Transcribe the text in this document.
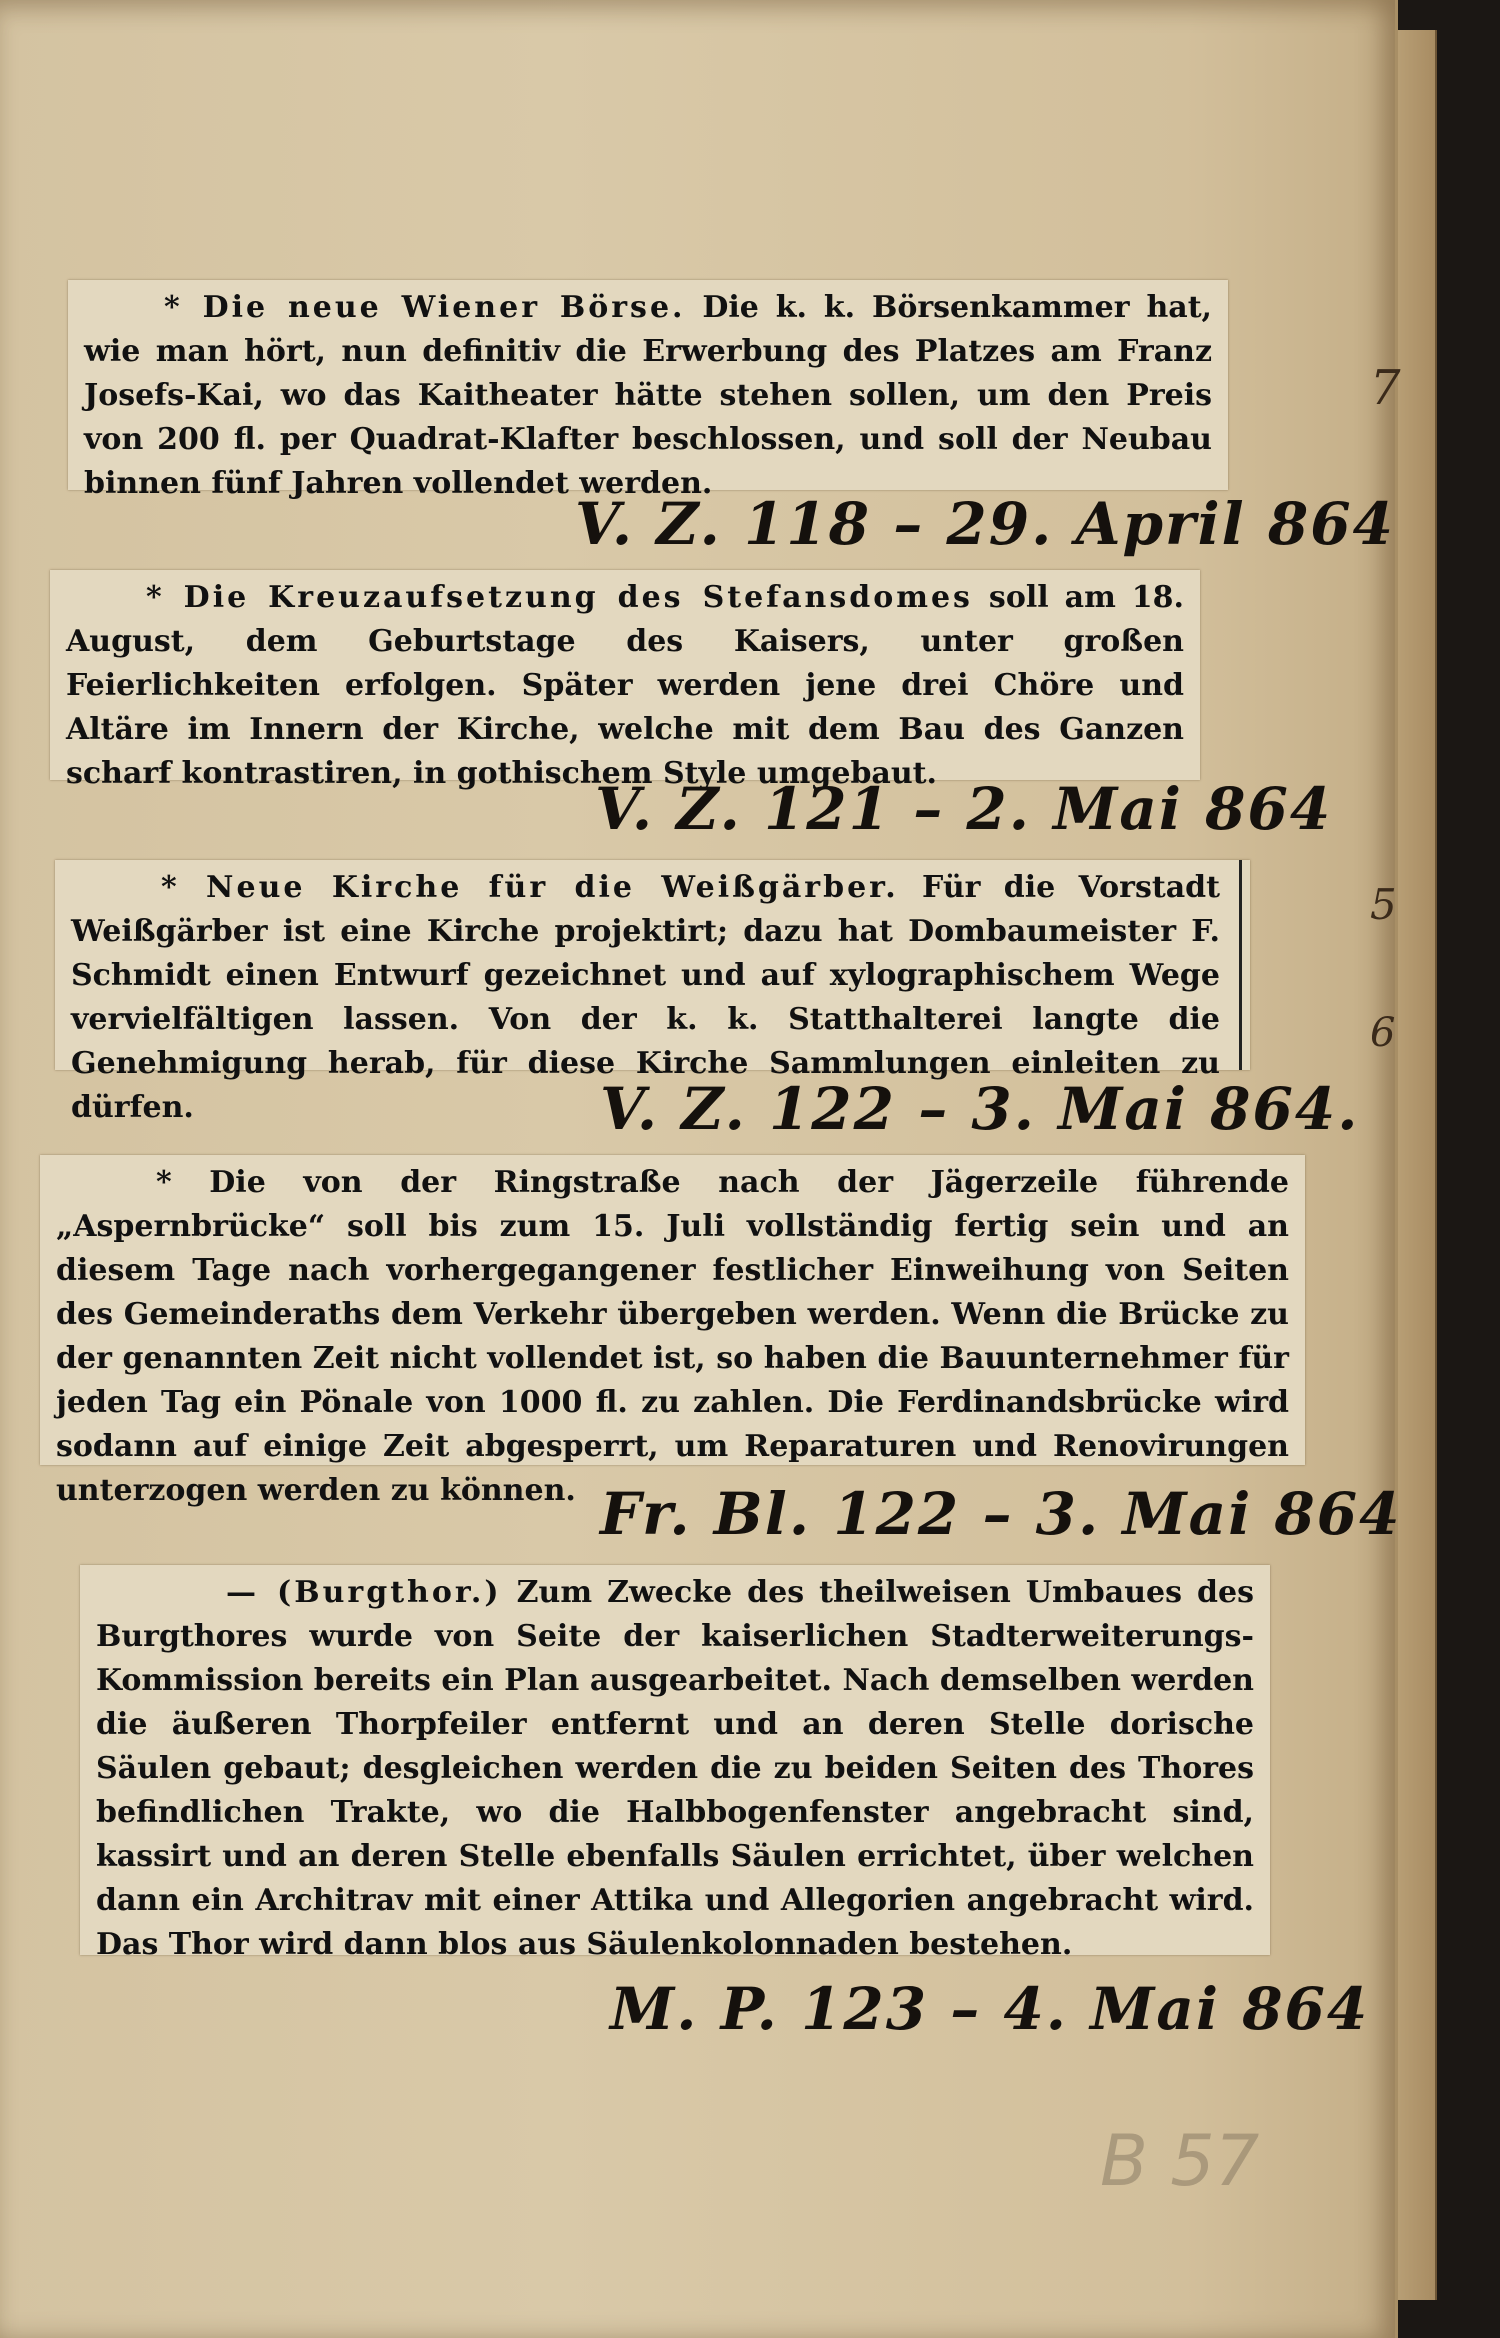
7
5
6
* Die neue Wiener Börse. Die k. k. Börsenkammer hat, wie man hört, nun definitiv die Erwerbung des Platzes am Franz Josefs-Kai, wo das Kaitheater hätte stehen sollen, um den Preis von 200 fl. per Quadrat-Klafter beschlossen, und soll der Neubau binnen fünf Jahren vollendet werden.
V. Z. 118 – 29. April 864
* Die Kreuzaufsetzung des Stefansdomes soll am 18. August, dem Geburtstage des Kaisers, unter großen Feierlichkeiten erfolgen. Später werden jene drei Chöre und Altäre im Innern der Kirche, welche mit dem Bau des Ganzen scharf kontrastiren, in gothischem Style umgebaut.
V. Z. 121 – 2. Mai 864
* Neue Kirche für die Weißgärber. Für die Vorstadt Weißgärber ist eine Kirche projektirt; dazu hat Dombaumeister F. Schmidt einen Entwurf gezeichnet und auf xylographischem Wege vervielfältigen lassen. Von der k. k. Statthalterei langte die Genehmigung herab, für diese Kirche Sammlungen einleiten zu dürfen.	V. Z. 122 – 3. Mai 864.
* Die von der Ringstraße nach der Jägerzeile führende „Aspernbrücke“ soll bis zum 15. Juli vollständig fertig sein und an diesem Tage nach vorhergegangener festlicher Einweihung von Seiten des Gemeinderaths dem Verkehr übergeben werden. Wenn die Brücke zu der genannten Zeit nicht vollendet ist, so haben die Bauunternehmer für jeden Tag ein Pönale von 1000 fl. zu zahlen. Die Ferdinandsbrücke wird sodann auf einige Zeit abgesperrt, um Reparaturen und Renovirungen unterzogen werden zu können. Fr. Bl. 122 – 3. Mai 864
— (Burgthor.) Zum Zwecke des theilweisen Umbaues des Burgthores wurde von Seite der kaiserlichen Stadterweiterungs-Kommission bereits ein Plan ausgearbeitet. Nach demselben werden die äußeren Thorpfeiler entfernt und an deren Stelle dorische Säulen gebaut; desgleichen werden die zu beiden Seiten des Thores befindlichen Trakte, wo die Halbbogenfenster angebracht sind, kassirt und an deren Stelle ebenfalls Säulen errichtet, über welchen dann ein Architrav mit einer Attika und Allegorien angebracht wird. Das Thor wird dann blos aus Säulenkolonnaden bestehen.
M. P. 123 – 4. Mai 864
B 57
